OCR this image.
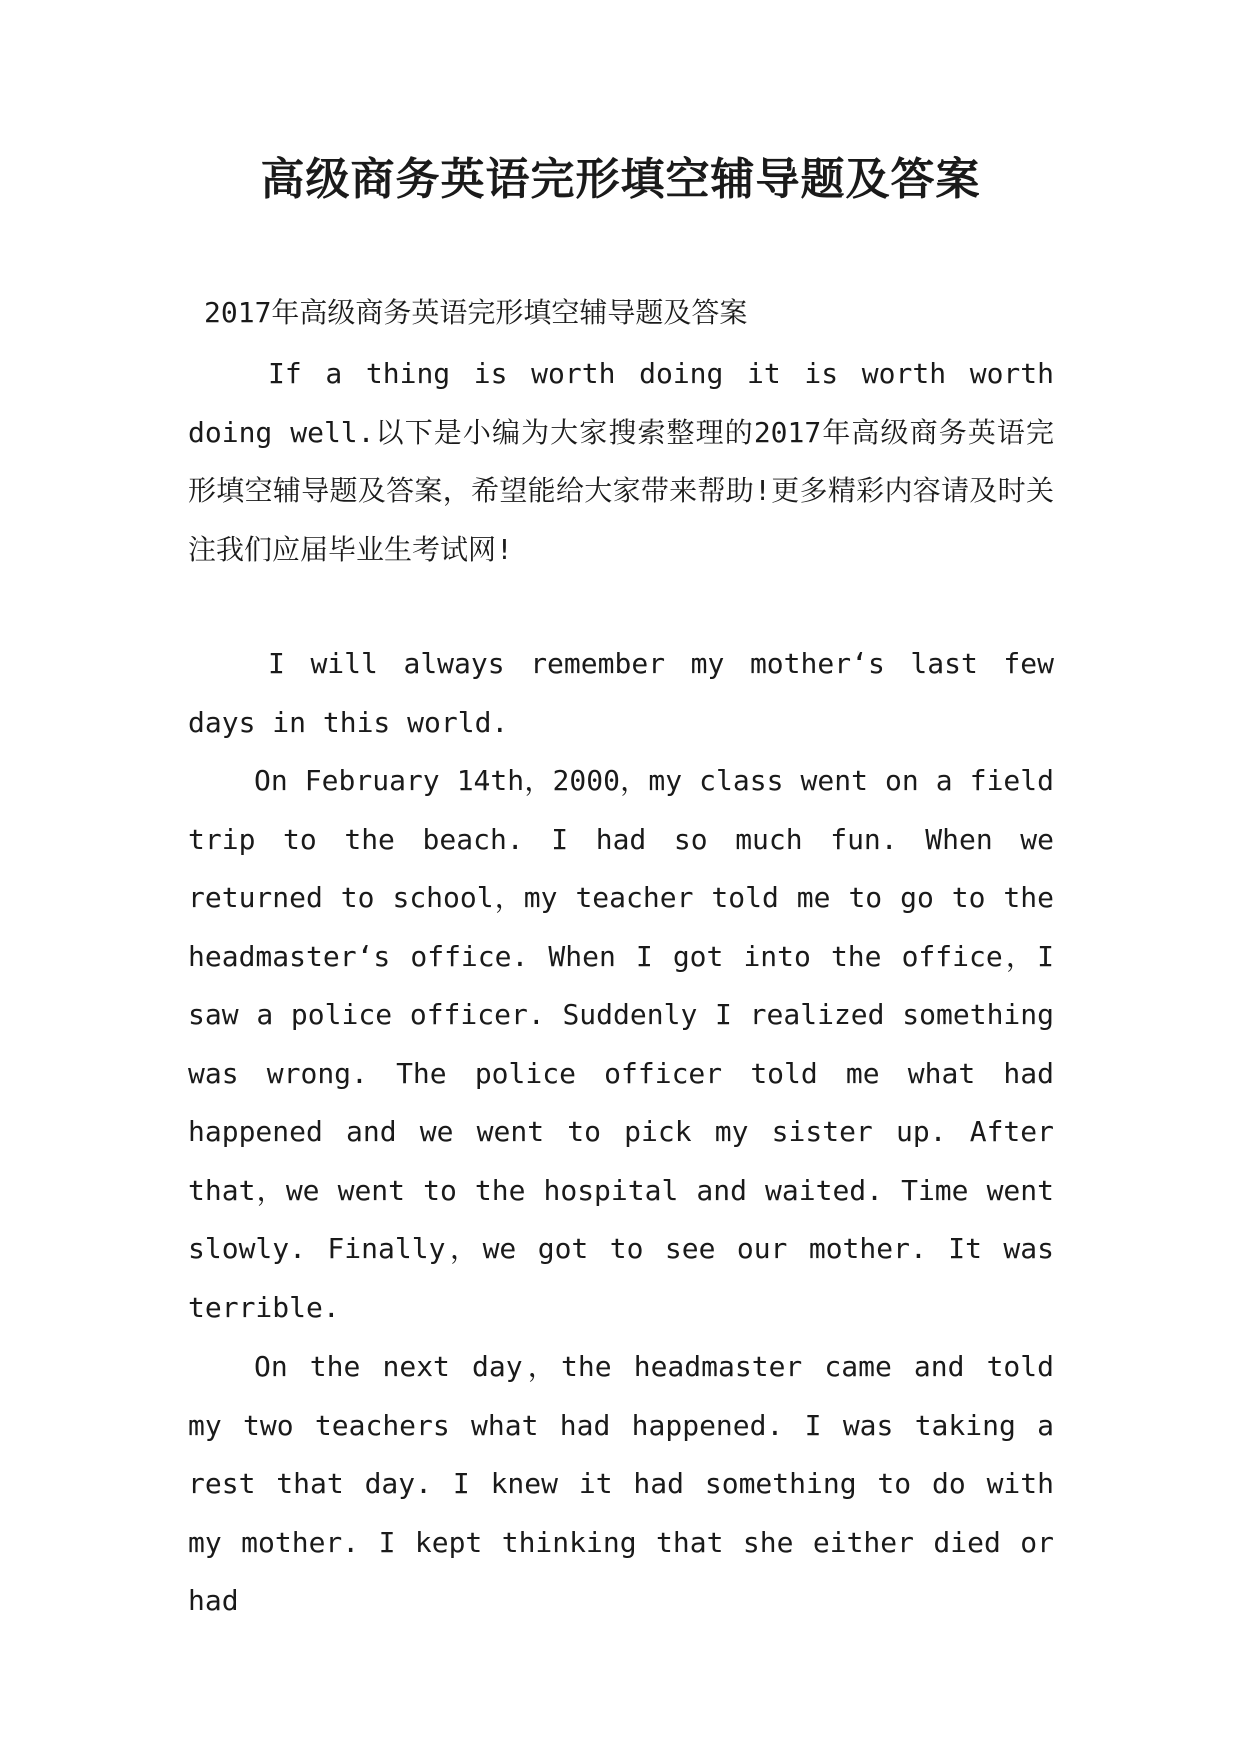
高级商务英语完形填空辅导题及答案

2017年高级商务英语完形填空辅导题及答案

If a thing is worth doing it is worth worth doing well.以下是小编为大家搜索整理的2017年高级商务英语完形填空辅导题及答案，希望能给大家带来帮助!更多精彩内容请及时关注我们应届毕业生考试网!

I will always remember my mother‘s last few days in this world.

On February 14th，2000，my class went on a field trip to the beach. I had so much fun. When we returned to school，my teacher told me to go to the headmaster‘s office. When I got into the office，I saw a police officer. Suddenly I realized something was wrong. The police officer told me what had happened and we went to pick my sister up. After that，we went to the hospital and waited. Time went slowly. Finally，we got to see our mother. It was terrible.

On the next day，the headmaster came and told my two teachers what had happened. I was taking a rest that day. I knew it had something to do with my mother. I kept thinking that she either died or had
